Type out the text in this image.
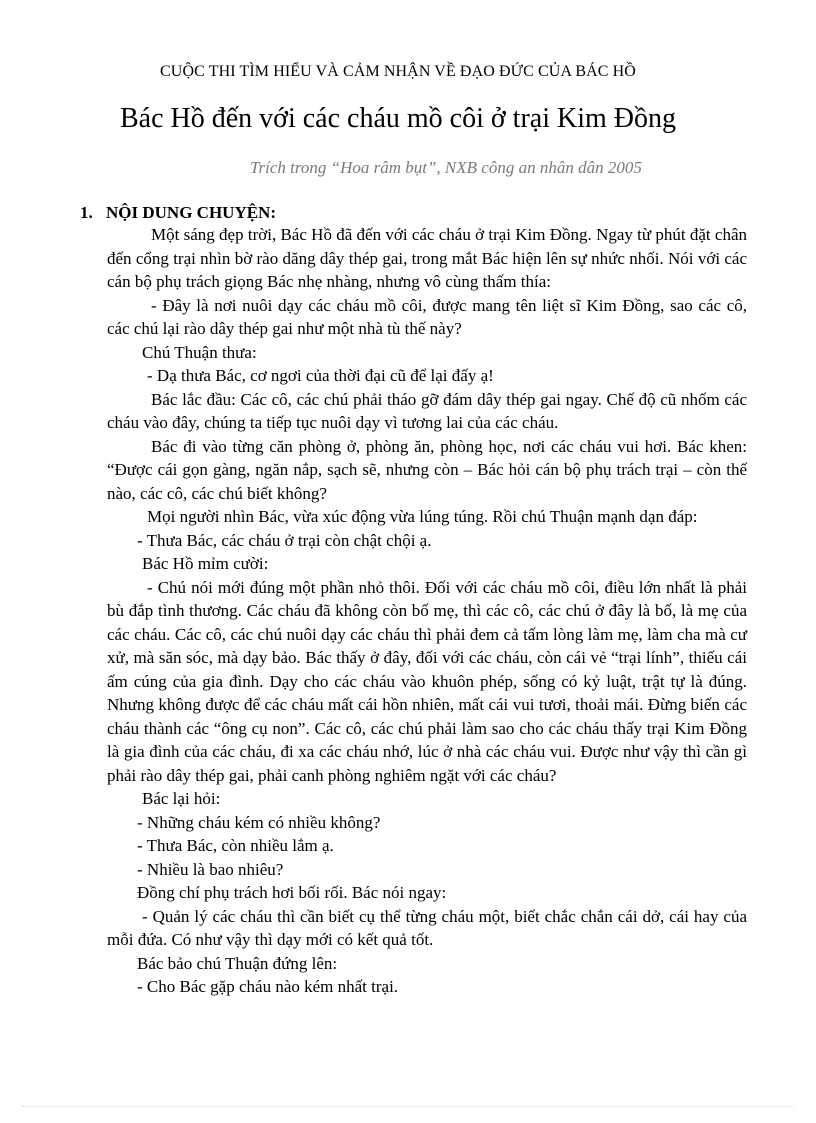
CUỘC THI TÌM HIỂU VÀ CẢM NHẬN VỀ ĐẠO ĐỨC CỦA BÁC HỒ
Bác Hồ đến với các cháu mồ côi ở trại Kim Đồng
Trích trong “Hoa râm bụt”, NXB công an nhân dân 2005
1. NỘI DUNG CHUYỆN:

Một sáng đẹp trời, Bác Hồ đã đến với các cháu ở trại Kim Đồng. Ngay từ phút đặt chân đến cổng trại nhìn bờ rào dăng dây thép gai, trong mắt Bác hiện lên sự nhức nhối. Nói với các cán bộ phụ trách giọng Bác nhẹ nhàng, nhưng vô cùng thấm thía:

- Đây là nơi nuôi dạy các cháu mồ côi, được mang tên liệt sĩ Kim Đồng, sao các cô, các chú lại rào dây thép gai như một nhà tù thế này?

Chú Thuận thưa:

- Dạ thưa Bác, cơ ngơi của thời đại cũ để lại đấy ạ!

Bác lắc đầu: Các cô, các chú phải tháo gỡ đám dây thép gai ngay. Chế độ cũ nhốm các cháu vào đây, chúng ta tiếp tục nuôi dạy vì tương lai của các cháu.

Bác đi vào từng căn phòng ở, phòng ăn, phòng học, nơi các cháu vui hơi. Bác khen: “Được cái gọn gàng, ngăn nắp, sạch sẽ, nhưng còn – Bác hỏi cán bộ phụ trách trại – còn thế nào, các cô, các chú biết không?

Mọi người nhìn Bác, vừa xúc động vừa lúng túng. Rồi chú Thuận mạnh dạn đáp:

- Thưa Bác, các cháu ở trại còn chật chội ạ.

Bác Hồ mỉm cười:

- Chú nói mới đúng một phần nhỏ thôi. Đối với các cháu mồ côi, điều lớn nhất là phải bù đắp tình thương. Các cháu đã không còn bố mẹ, thì các cô, các chú ở đây là bố, là mẹ của các cháu. Các cô, các chú nuôi dạy các cháu thì phải đem cả tấm lòng làm mẹ, làm cha mà cư xử, mà săn sóc, mà dạy bảo. Bác thấy ở đây, đối với các cháu, còn cái vẻ “trại lính”, thiếu cái ấm cúng của gia đình. Dạy cho các cháu vào khuôn phép, sống có kỷ luật, trật tự là đúng. Nhưng không được để các cháu mất cái hồn nhiên, mất cái vui tươi, thoải mái. Đừng biến các cháu thành các “ông cụ non”. Các cô, các chú phải làm sao cho các cháu thấy trại Kim Đồng là gia đình của các cháu, đi xa các cháu nhớ, lúc ở nhà các cháu vui. Được như vậy thì cần gì phải rào dây thép gai, phải canh phòng nghiêm ngặt với các cháu?

Bác lại hỏi:

- Những cháu kém có nhiều không?

- Thưa Bác, còn nhiều lắm ạ.

- Nhiều là bao nhiêu?

Đồng chí phụ trách hơi bối rối. Bác nói ngay:

- Quản lý các cháu thì cần biết cụ thể từng cháu một, biết chắc chắn cái dở, cái hay của mỗi đứa. Có như vậy thì dạy mới có kết quả tốt.

Bác bảo chú Thuận đứng lên:

- Cho Bác gặp cháu nào kém nhất trại.
